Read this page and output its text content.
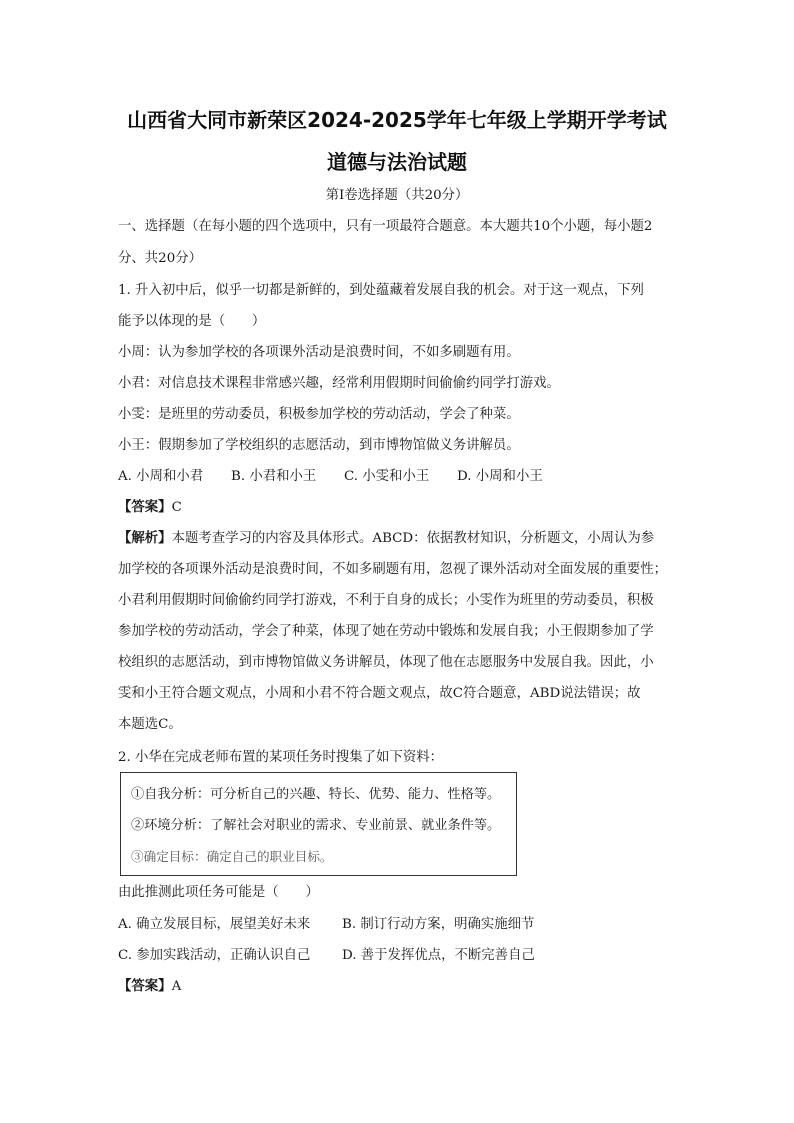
山西省大同市新荣区2024-2025学年七年级上学期开学考试
道德与法治试题
第Ⅰ卷选择题（共20分）
一、选择题（在每小题的四个选项中，只有一项最符合题意。本大题共10个小题，每小题2
分、共20分）
1. 升入初中后，似乎一切都是新鲜的，到处蕴藏着发展自我的机会。对于这一观点，下列
能予以体现的是（　　）
小周：认为参加学校的各项课外活动是浪费时间，不如多刷题有用。
小君：对信息技术课程非常感兴趣，经常利用假期时间偷偷约同学打游戏。
小雯：是班里的劳动委员，积极参加学校的劳动活动，学会了种菜。
小王：假期参加了学校组织的志愿活动，到市博物馆做义务讲解员。
A. 小周和小君 B. 小君和小王 C. 小雯和小王 D. 小周和小王
【答案】C
【解析】本题考查学习的内容及具体形式。ABCD：依据教材知识，分析题文，小周认为参
加学校的各项课外活动是浪费时间，不如多刷题有用，忽视了课外活动对全面发展的重要性；
小君利用假期时间偷偷约同学打游戏，不利于自身的成长；小雯作为班里的劳动委员，积极
参加学校的劳动活动，学会了种菜，体现了她在劳动中锻炼和发展自我；小王假期参加了学
校组织的志愿活动，到市博物馆做义务讲解员，体现了他在志愿服务中发展自我。因此，小
雯和小王符合题文观点，小周和小君不符合题文观点，故C符合题意，ABD说法错误；故
本题选C。
2. 小华在完成老师布置的某项任务时搜集了如下资料：
①自我分析：可分析自己的兴趣、特长、优势、能力、性格等。
②环境分析：了解社会对职业的需求、专业前景、就业条件等。
③确定目标：确定自己的职业目标。
由此推测此项任务可能是（　　）
A. 确立发展目标，展望美好未来 B. 制订行动方案，明确实施细节
C. 参加实践活动，正确认识自己 D. 善于发挥优点，不断完善自己
【答案】A
